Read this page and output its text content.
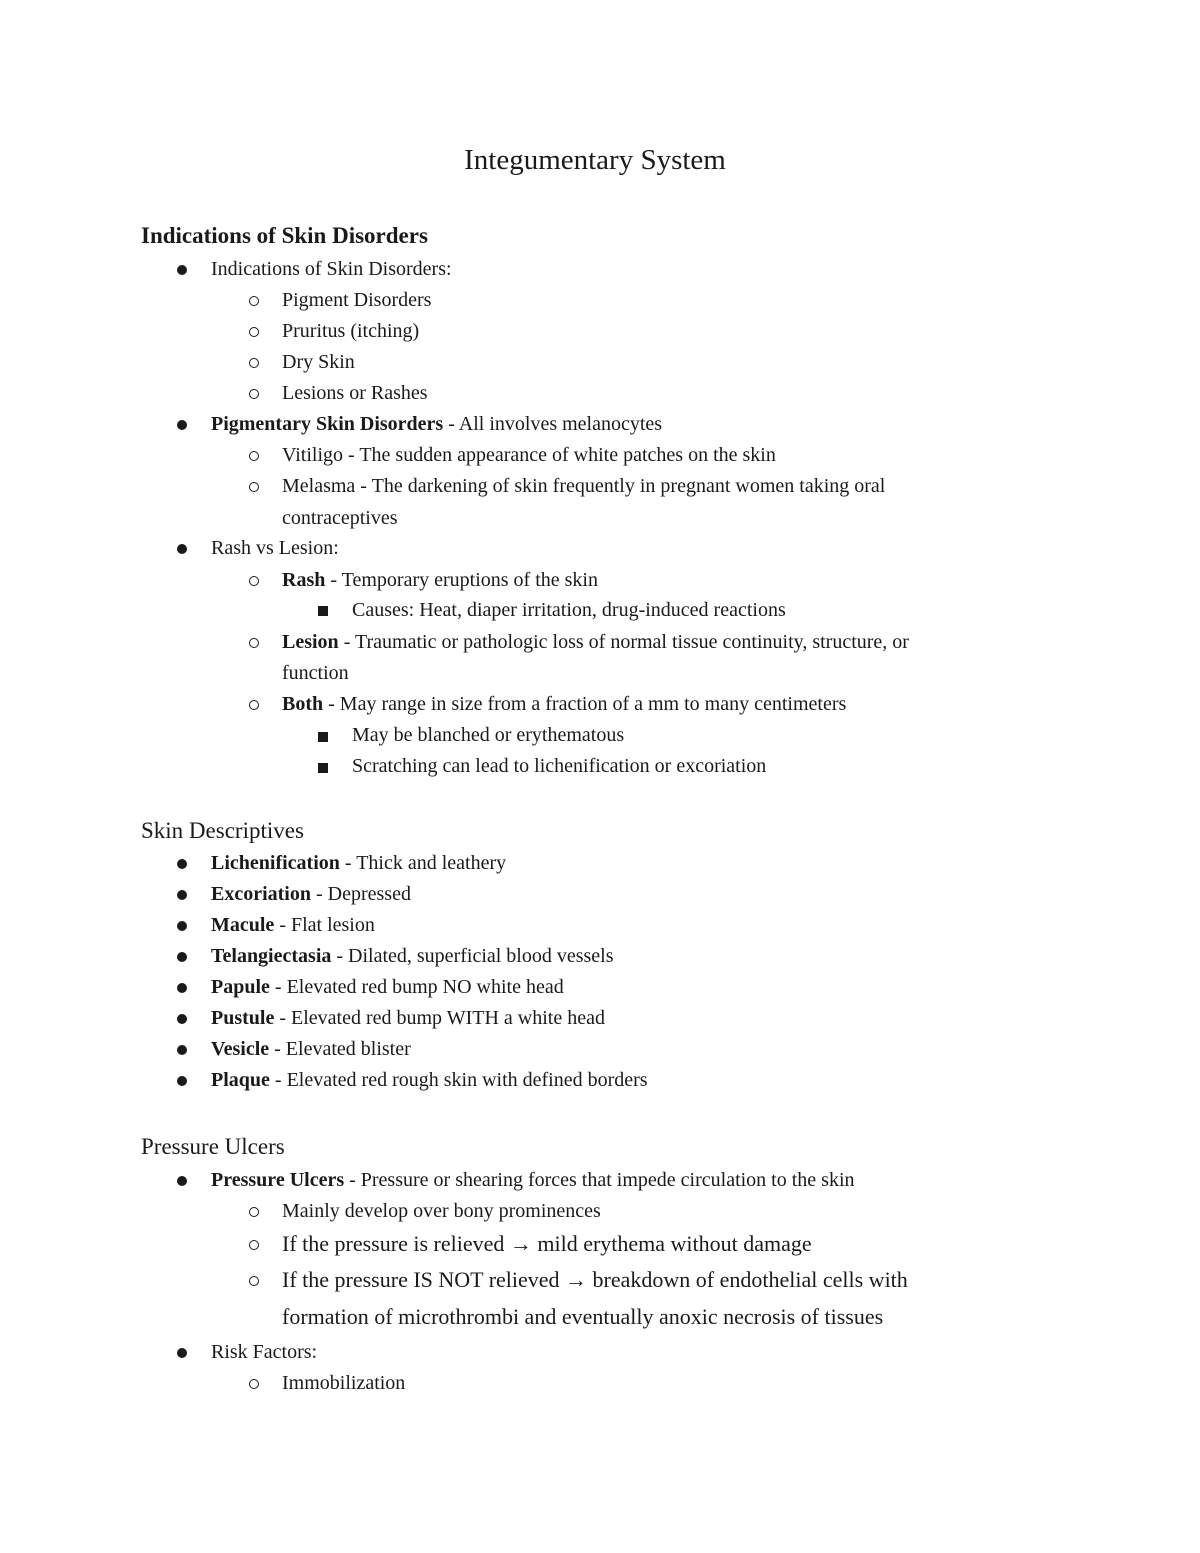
Integumentary System
Indications of Skin Disorders

Indications of Skin Disorders:

Pigment Disorders

Pruritus (itching)

Dry Skin

Lesions or Rashes

Pigmentary Skin Disorders - All involves melanocytes

Vitiligo - The sudden appearance of white patches on the skin

Melasma - The darkening of skin frequently in pregnant women taking oral

contraceptives

Rash vs Lesion:

Rash - Temporary eruptions of the skin

Causes: Heat, diaper irritation, drug-induced reactions

Lesion - Traumatic or pathologic loss of normal tissue continuity, structure, or

function

Both - May range in size from a fraction of a mm to many centimeters

May be blanched or erythematous

Scratching can lead to lichenification or excoriation

Skin Descriptives

Lichenification - Thick and leathery

Excoriation - Depressed

Macule - Flat lesion

Telangiectasia - Dilated, superficial blood vessels

Papule - Elevated red bump NO white head

Pustule - Elevated red bump WITH a white head

Vesicle - Elevated blister

Plaque - Elevated red rough skin with defined borders

Pressure Ulcers

Pressure Ulcers - Pressure or shearing forces that impede circulation to the skin

Mainly develop over bony prominences

If the pressure is relieved → mild erythema without damage

If the pressure IS NOT relieved → breakdown of endothelial cells with

formation of microthrombi and eventually anoxic necrosis of tissues

Risk Factors:

Immobilization
